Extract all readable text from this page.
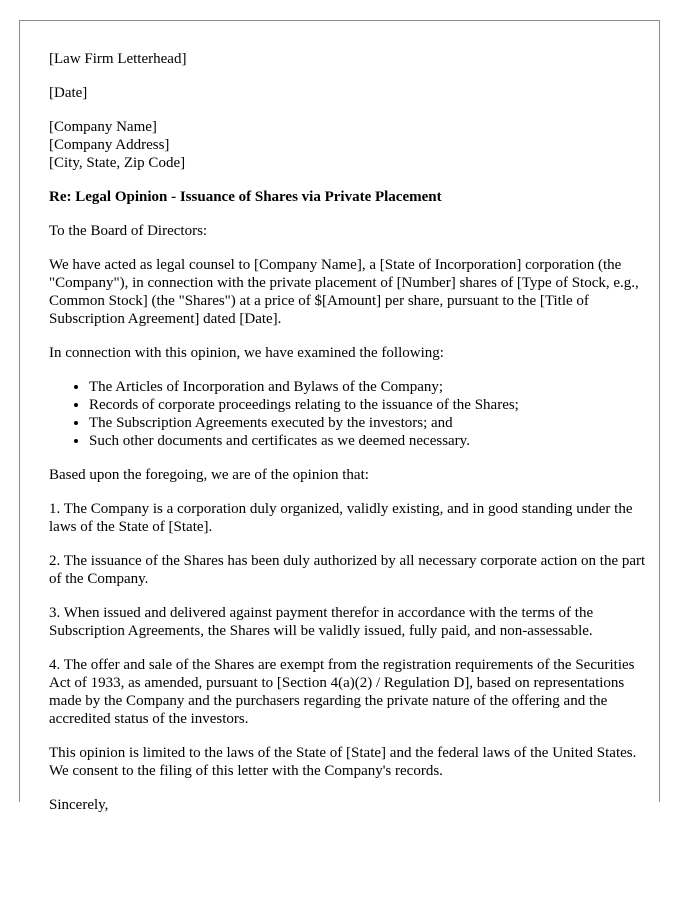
[Law Firm Letterhead]

[Date]

[Company Name]
[Company Address]
[City, State, Zip Code]

Re: Legal Opinion - Issuance of Shares via Private Placement

To the Board of Directors:

We have acted as legal counsel to [Company Name], a [State of Incorporation] corporation (the "Company"), in connection with the private placement of [Number] shares of [Type of Stock, e.g., Common Stock] (the "Shares") at a price of $[Amount] per share, pursuant to the [Title of Subscription Agreement] dated [Date].

In connection with this opinion, we have examined the following:

• The Articles of Incorporation and Bylaws of the Company;
• Records of corporate proceedings relating to the issuance of the Shares;
• The Subscription Agreements executed by the investors; and
• Such other documents and certificates as we deemed necessary.

Based upon the foregoing, we are of the opinion that:

1. The Company is a corporation duly organized, validly existing, and in good standing under the laws of the State of [State].

2. The issuance of the Shares has been duly authorized by all necessary corporate action on the part of the Company.

3. When issued and delivered against payment therefor in accordance with the terms of the Subscription Agreements, the Shares will be validly issued, fully paid, and non-assessable.

4. The offer and sale of the Shares are exempt from the registration requirements of the Securities Act of 1933, as amended, pursuant to [Section 4(a)(2) / Regulation D], based on representations made by the Company and the purchasers regarding the private nature of the offering and the accredited status of the investors.

This opinion is limited to the laws of the State of [State] and the federal laws of the United States. We consent to the filing of this letter with the Company's records.

Sincerely,
